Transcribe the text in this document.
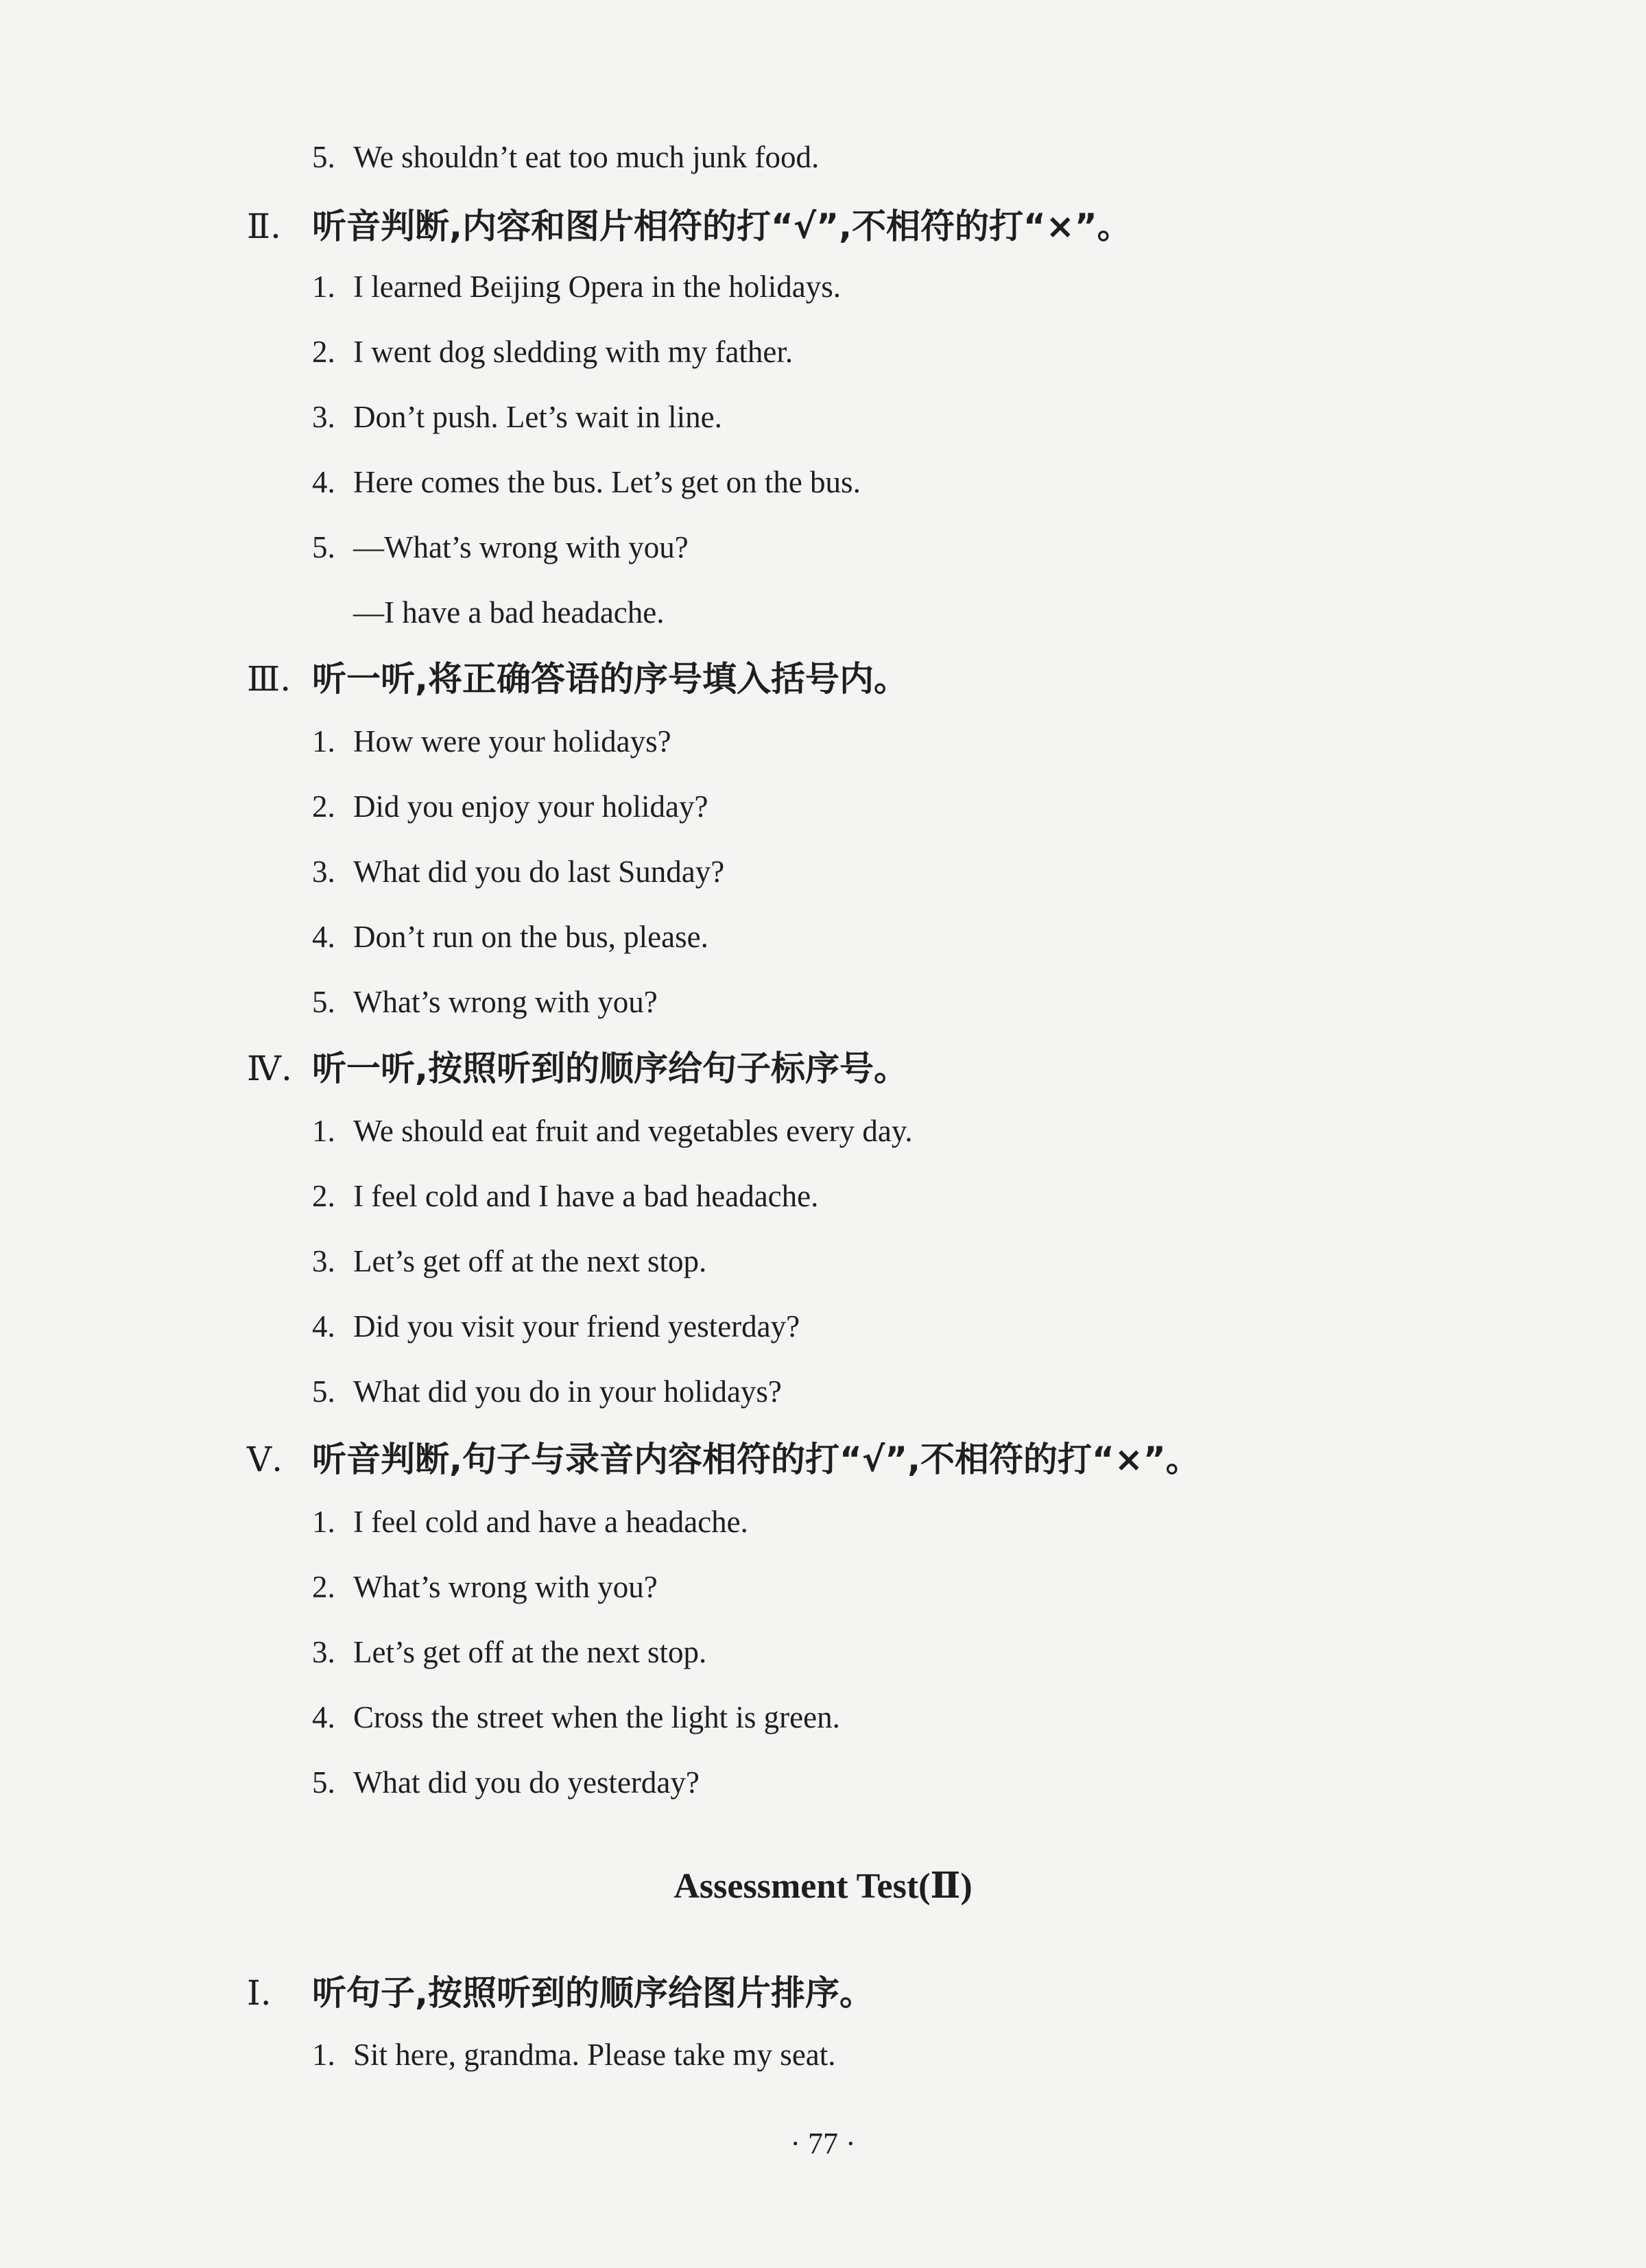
5. We shouldn’t eat too much junk food.
Ⅱ. 听音判断,内容和图片相符的打“√”,不相符的打“×”。
1. I learned Beijing Opera in the holidays.
2. I went dog sledding with my father.
3. Don’t push. Let’s wait in line.
4. Here comes the bus. Let’s get on the bus.
5. —What’s wrong with you?
—I have a bad headache.
Ⅲ. 听一听,将正确答语的序号填入括号内。
1. How were your holidays?
2. Did you enjoy your holiday?
3. What did you do last Sunday?
4. Don’t run on the bus, please.
5. What’s wrong with you?
Ⅳ. 听一听,按照听到的顺序给句子标序号。
1. We should eat fruit and vegetables every day.
2. I feel cold and I have a bad headache.
3. Let’s get off at the next stop.
4. Did you visit your friend yesterday?
5. What did you do in your holidays?
Ⅴ. 听音判断,句子与录音内容相符的打“√”,不相符的打“×”。
1. I feel cold and have a headache.
2. What’s wrong with you?
3. Let’s get off at the next stop.
4. Cross the street when the light is green.
5. What did you do yesterday?
Assessment Test(Ⅱ)
Ⅰ. 听句子,按照听到的顺序给图片排序。
1. Sit here, grandma. Please take my seat.
· 77 ·
